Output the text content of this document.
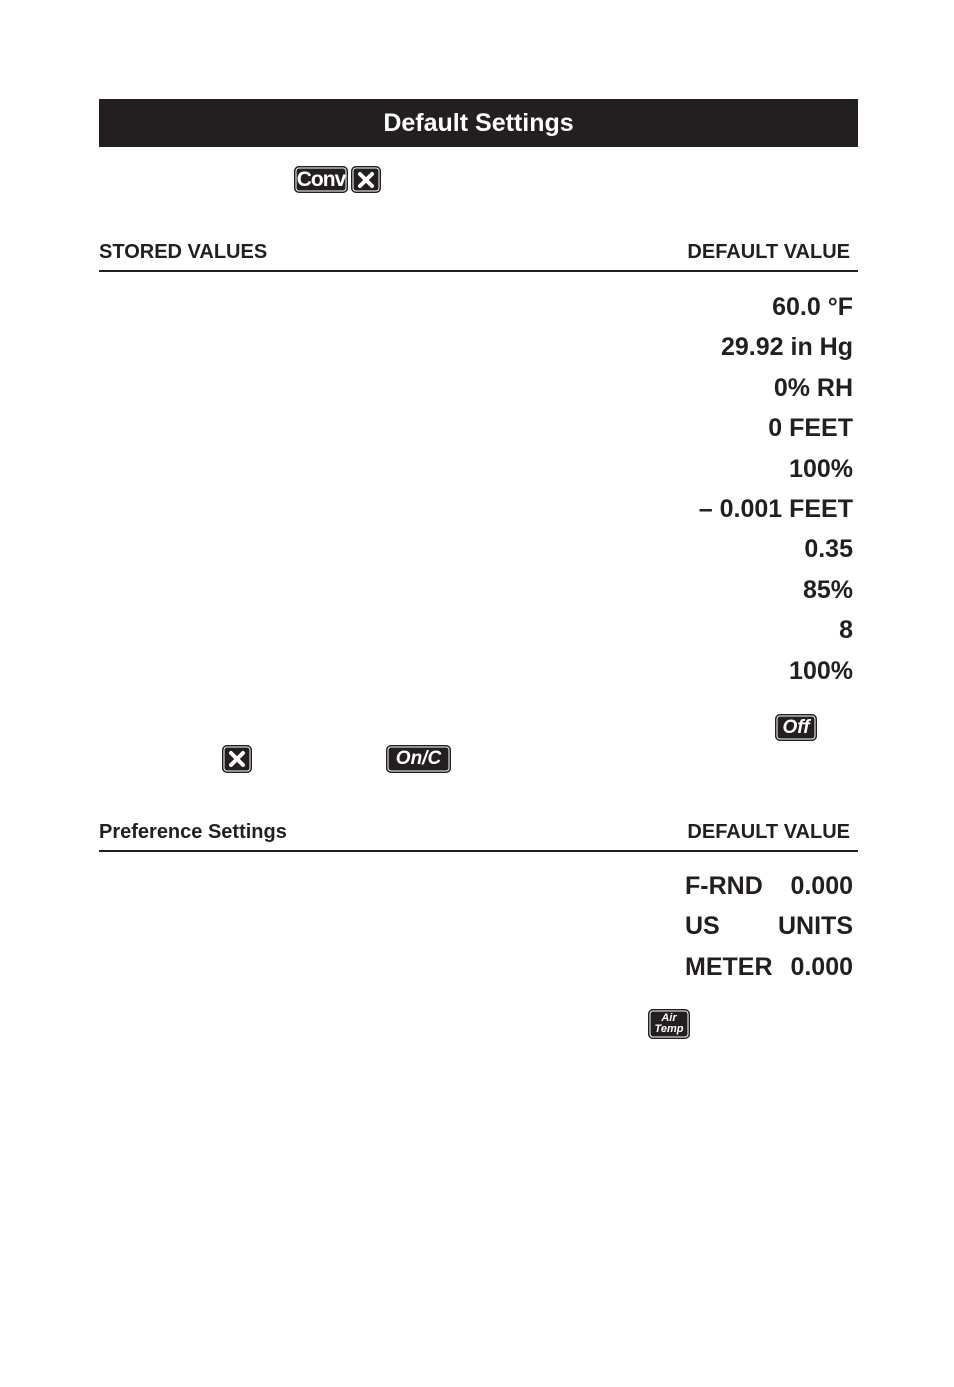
Default Settings
Conv
STORED VALUES	DEFAULT VALUE
60.0 °F
29.92 in Hg
0% RH
0 FEET
100%
– 0.001 FEET
0.35
85%
8
100%
Off
On/C
Preference Settings	DEFAULT VALUE
F-RND 0.000
US UNITS
METER 0.000
Air
Temp
